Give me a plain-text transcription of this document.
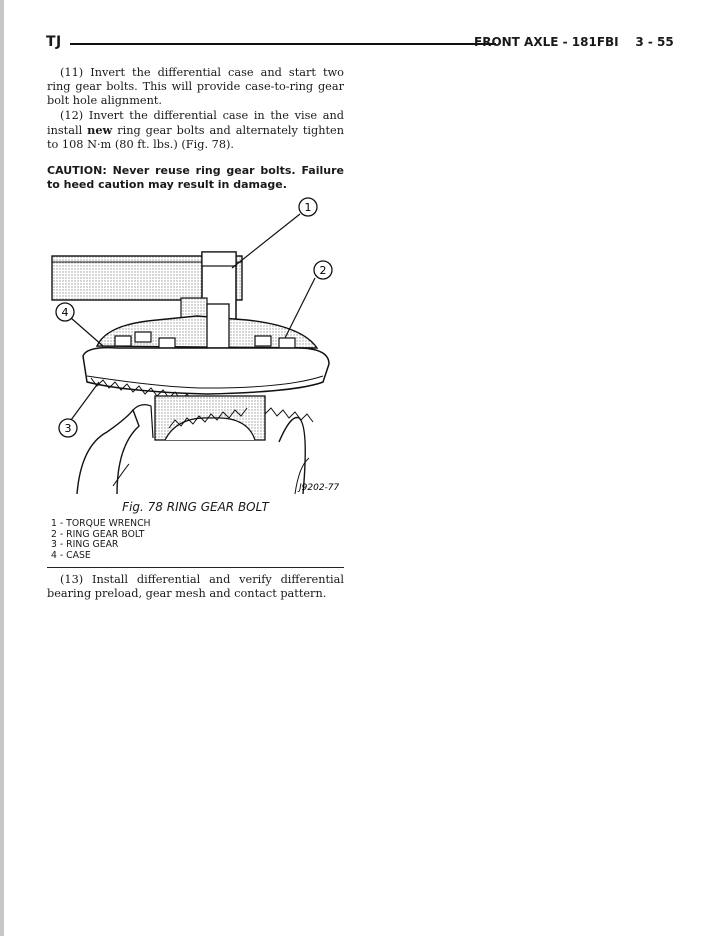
TJ	FRONT AXLE - 181FBI 3 - 55

(11) Invert the differential case and start two ring gear bolts. This will provide case-to-ring gear bolt hole alignment.

(12) Invert the differential case in the vise and install new ring gear bolts and alternately tighten to 108 N·m (80 ft. lbs.) (Fig. 78).

CAUTION: Never reuse ring gear bolts. Failure to heed caution may result in damage.

1
2
3
4
J9202-77

Fig. 78 RING GEAR BOLT

1 - TORQUE WRENCH
2 - RING GEAR BOLT
3 - RING GEAR
4 - CASE

(13) Install differential and verify differential bearing preload, gear mesh and contact pattern.
